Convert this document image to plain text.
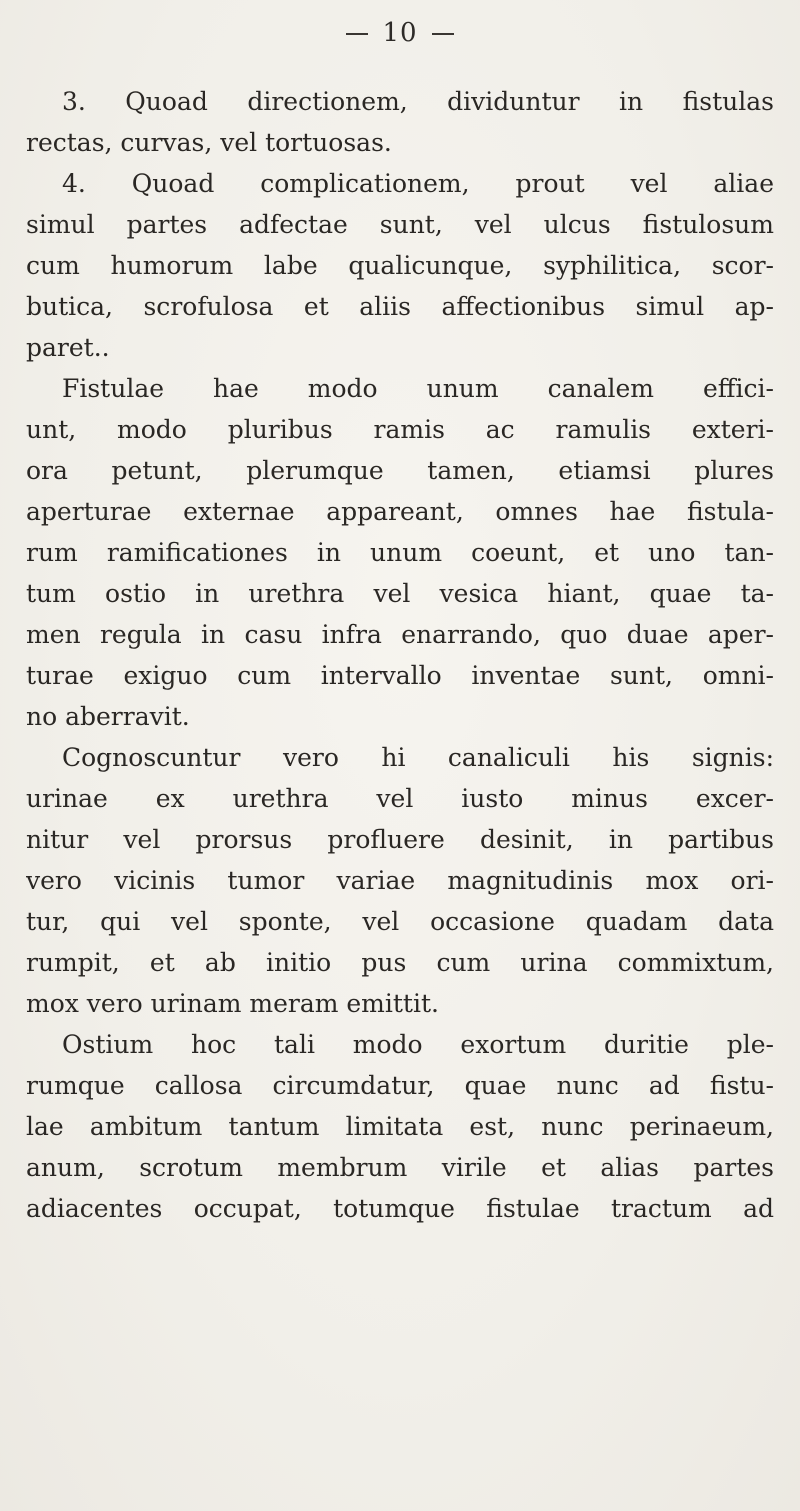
10
3. Quoad directionem, dividuntur in fistulas
rectas, curvas, vel tortuosas.
4. Quoad complicationem, prout vel aliae
simul partes adfectae sunt, vel ulcus fistulosum
cum humorum labe qualicunque, syphilitica, scor-
butica, scrofulosa et aliis affectionibus simul ap-
paret..
Fistulae hae modo unum canalem effici-
unt, modo pluribus ramis ac ramulis exteri-
ora petunt, plerumque tamen, etiamsi plures
aperturae externae appareant, omnes hae fistula-
rum ramificationes in unum coeunt, et uno tan-
tum ostio in urethra vel vesica hiant, quae ta-
men regula in casu infra enarrando, quo duae aper-
turae exiguo cum intervallo inventae sunt, omni-
no aberravit.
Cognoscuntur vero hi canaliculi his signis:
urinae ex urethra vel iusto minus excer-
nitur vel prorsus profluere desinit, in partibus
vero vicinis tumor variae magnitudinis mox ori-
tur, qui vel sponte, vel occasione quadam data
rumpit, et ab initio pus cum urina commixtum,
mox vero urinam meram emittit.
Ostium hoc tali modo exortum duritie ple-
rumque callosa circumdatur, quae nunc ad fistu-
lae ambitum tantum limitata est, nunc perinaeum,
anum, scrotum membrum virile et alias partes
adiacentes occupat, totumque fistulae tractum ad
